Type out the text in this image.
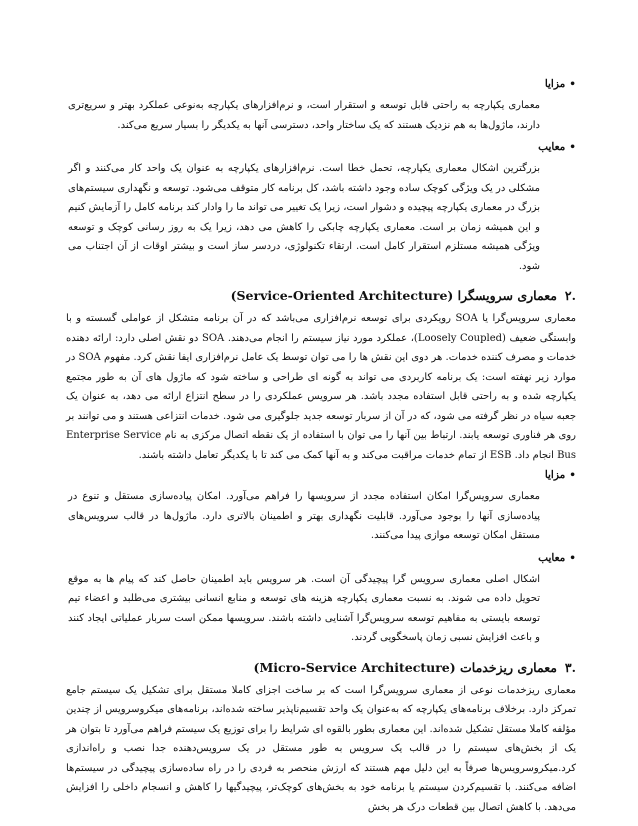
•مزایا

معماری یکپارچه به راحتی قابل توسعه و استقرار است، و نرم‌افزارهای یکپارچه به‌نوعی عملکرد بهتر و سریع‌تری دارند، ماژول‌ها به هم نزدیک هستند که یک ساختار واحد، دسترسی آنها به یکدیگر را بسیار سریع می‌کند.

•معایب

بزرگترین اشکال معماری یکپارچه، تحمل خطا است. نرم‌افزارهای یکپارچه به عنوان یک واحد کار می‌کنند و اگر مشکلی در یک ویژگی کوچک ساده وجود داشته باشد، کل برنامه کار متوقف می‌شود. توسعه و نگهداری سیستم‌های بزرگ در معماری یکپارچه پیچیده و دشوار است، زیرا یک تغییر می تواند ما را وادار کند برنامه کامل را آزمایش کنیم و این همیشه زمان بر است. معماری یکپارچه چابکی را کاهش می دهد، زیرا یک به روز رسانی کوچک و توسعه ویژگی همیشه مستلزم استقرار کامل است. ارتقاء تکنولوژی، دردسر ساز است و بیشتر اوقات از آن اجتناب می شود.

.۲معماری سرویسگرا (Service-Oriented Architecture)

معماری سرویس‌گرا یا SOA رویکردی برای توسعه نرم‌افزاری می‌باشد که در آن برنامه متشکل از عواملی گسسته و با وابستگی ضعیف (Loosely Coupled)، عملکرد مورد نیاز سیستم را انجام می‌دهند. SOA دو نقش اصلی دارد: ارائه دهنده خدمات و مصرف کننده خدمات. هر دوی این نقش ها را می توان توسط یک عامل نرم‌افزاری ایفا نقش کرد. مفهوم SOA در موارد زیر نهفته است: یک برنامه کاربردی می تواند به گونه ای طراحی و ساخته شود که ماژول های آن به طور مجتمع یکپارچه شده و به راحتی قابل استفاده مجدد باشد. هر سرویس عملکردی را در سطح انتزاع ارائه می دهد، به عنوان یک جعبه سیاه در نظر گرفته می شود، که در آن از سربار توسعه جدید جلوگیری می شود. خدمات انتزاعی هستند و می توانند بر روی هر فناوری توسعه یابند. ارتباط بین آنها را می توان با استفاده از یک نقطه اتصال مرکزی به نام Enterprise Service Bus انجام داد. ESB از تمام خدمات مراقبت می‌کند و به آنها کمک می کند تا با یکدیگر تعامل داشته باشند.

•مزایا

معماری سرویس‌گرا امکان استفاده مجدد از سرویسها را فراهم می‌آورد. امکان پیاده‌سازی مستقل و تنوع در پیاده‌سازی آنها را بوجود می‌آورد. قابلیت نگهداری بهتر و اطمینان بالاتری دارد. ماژول‌ها در قالب سرویس‌های مستقل امکان توسعه موازی پیدا می‌کنند.

•معایب

اشکال اصلی معماری سرویس گرا پیچیدگی آن است. هر سرویس باید اطمینان حاصل کند که پیام ها به موقع تحویل داده می شوند. به نسبت معماری یکپارچه هزینه های توسعه و منابع انسانی بیشتری می‌طلبد و اعضاء تیم توسعه بایستی به مفاهیم توسعه سرویس‌گرا آشنایی داشته باشند. سرویسها ممکن است سربار عملیاتی ایجاد کنند و باعث افزایش نسبی زمان پاسخگویی گردند.

.۳معماری ریزخدمات (Micro-Service Architecture)

معماری ریزخدمات نوعی از معماری سرویس‌گرا است که بر ساخت اجزای کاملا مستقل برای تشکیل یک سیستم جامع تمرکز دارد. برخلاف برنامه‌های یکپارچه که به‌عنوان یک واحد تقسیم‌ناپذیر ساخته شده‌اند، برنامه‌های میکروسرویس از چندین مؤلفه کاملا مستقل تشکیل شده‌اند. این معماری بطور بالقوه ای شرایط را برای توزیع یک سیستم فراهم می‌آورد تا بتوان هر یک از بخش‌های سیستم را در قالب یک سرویس به طور مستقل در یک سرویس‌دهنده جدا نصب و راه‌اندازی کرد.میکروسرویس‌ها صرفاً به این دلیل مهم هستند که ارزش منحصر به فردی را در راه ساده‌سازی پیچیدگی در سیستم‌ها اضافه می‌کنند. با تقسیم‌کردن سیستم یا برنامه خود به بخش‌های کوچک‌تر، پیچیدگیها را کاهش و انسجام داخلی را افزایش می‌دهد. با کاهش اتصال بین قطعات درک هر بخش
